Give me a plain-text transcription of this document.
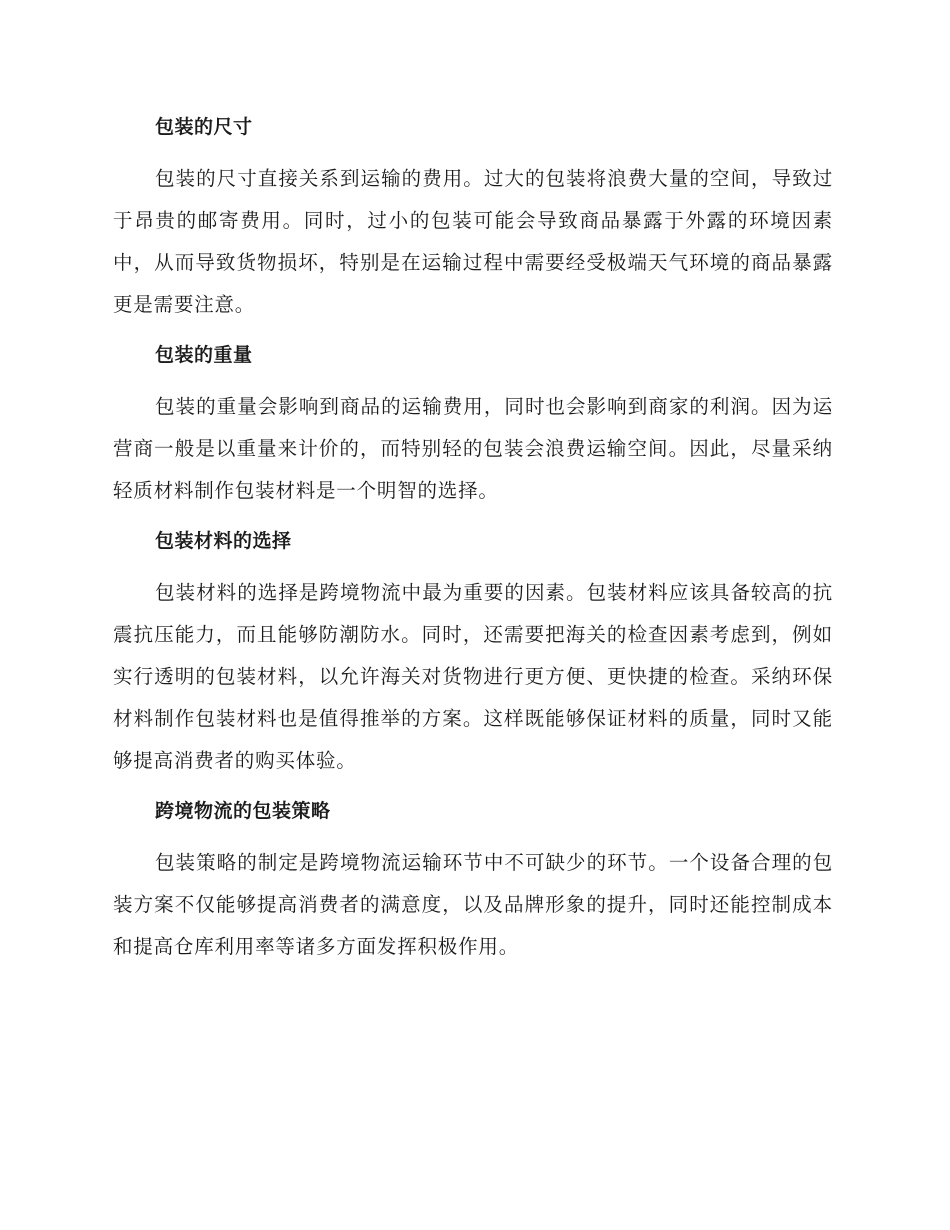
包装的尺寸

包装的尺寸直接关系到运输的费用。过大的包装将浪费大量的空间，导致过于昂贵的邮寄费用。同时，过小的包装可能会导致商品暴露于外露的环境因素中，从而导致货物损坏，特别是在运输过程中需要经受极端天气环境的商品暴露更是需要注意。

包装的重量

包装的重量会影响到商品的运输费用，同时也会影响到商家的利润。因为运营商一般是以重量来计价的，而特别轻的包装会浪费运输空间。因此，尽量采纳轻质材料制作包装材料是一个明智的选择。

包装材料的选择

包装材料的选择是跨境物流中最为重要的因素。包装材料应该具备较高的抗震抗压能力，而且能够防潮防水。同时，还需要把海关的检查因素考虑到，例如实行透明的包装材料，以允许海关对货物进行更方便、更快捷的检查。采纳环保材料制作包装材料也是值得推举的方案。这样既能够保证材料的质量，同时又能够提高消费者的购买体验。

跨境物流的包装策略

包装策略的制定是跨境物流运输环节中不可缺少的环节。一个设备合理的包装方案不仅能够提高消费者的满意度，以及品牌形象的提升，同时还能控制成本和提高仓库利用率等诸多方面发挥积极作用。
